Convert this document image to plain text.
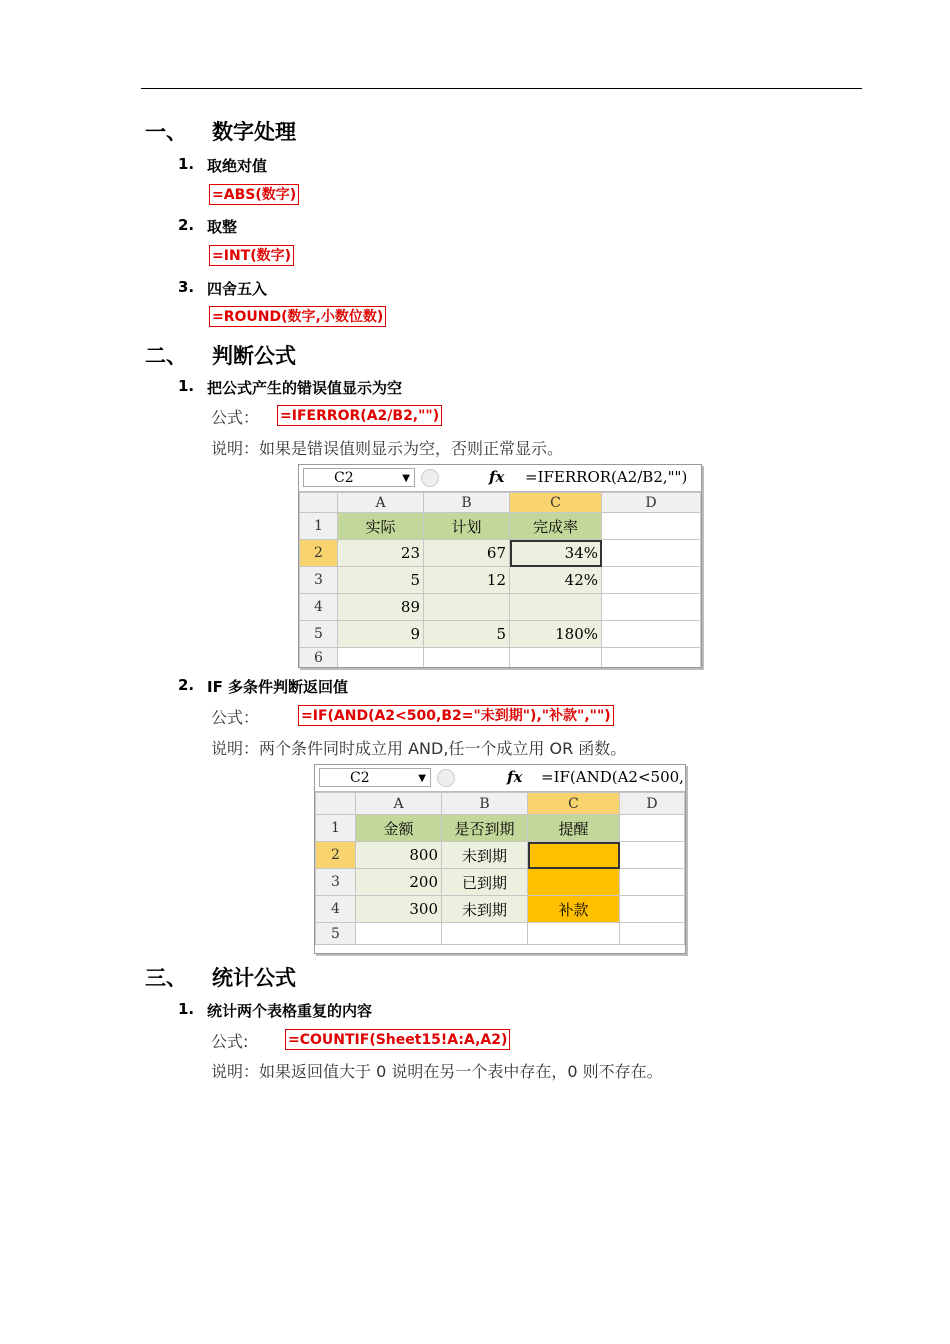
一、 数字处理
1. 取绝对值
=ABS(数字)
2. 取整
=INT(数字)
3. 四舍五入
=ROUND(数字,小数位数)
二、 判断公式
1. 把公式产生的错误值显示为空
公式： =IFERROR(A2/B2,"")
说明：如果是错误值则显示为空，否则正常显示。
C2	▼	fx =IFERROR(A2/B2,"")
	A	B	C	D
1	实际	计划	完成率	
2	23	67	34%	
3	5	12	42%	
4	89			
5	9	5	180%	
6				
2. IF 多条件判断返回值
公式：	=IF(AND(A2<500,B2="未到期"),"补款","")
说明：两个条件同时成立用 AND,任一个成立用 OR 函数。
C2	▼	fx =IF(AND(A2<500,
	A	B	C	D
1	金额	是否到期	提醒	
2	800	未到期		
3	200	已到期		
4	300	未到期	补款	
5				
三、 统计公式
1. 统计两个表格重复的内容
公式:	=COUNTIF(Sheet15!A:A,A2)
说明：如果返回值大于 0 说明在另一个表中存在，0 则不存在。
